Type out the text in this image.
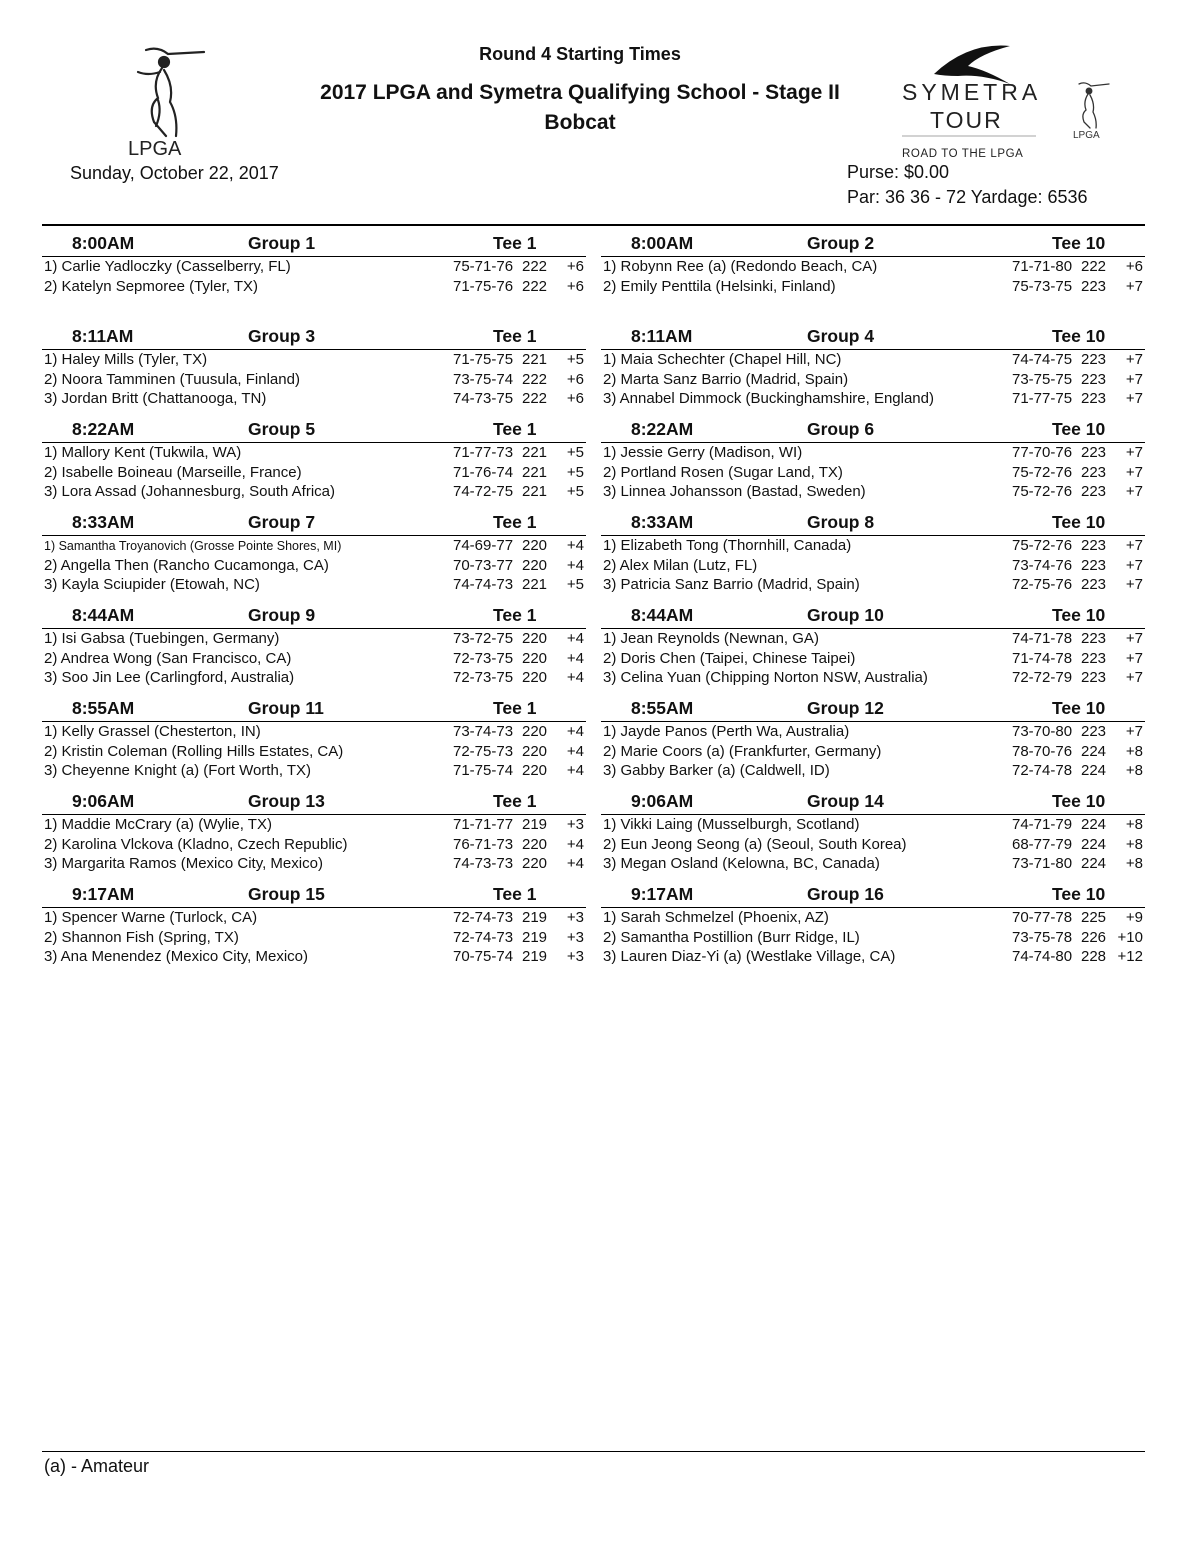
LPGA
SYMETRA
TOUR
ROAD TO THE LPGA
LPGA
Round 4 Starting Times
2017 LPGA and Symetra Qualifying School - Stage II
Bobcat
Sunday, October 22, 2017	Purse: $0.00
Par: 36 36 - 72 Yardage: 6536
8:00AM	Group 1	Tee 1
1) Carlie Yadloczky (Casselberry, FL)	75-71-76 222 +6
2) Katelyn Sepmoree (Tyler, TX)	71-75-76 222 +6
8:00AM	Group 2	Tee 10
1) Robynn Ree (a) (Redondo Beach, CA)	71-71-80 222 +6
2) Emily Penttila (Helsinki, Finland)	75-73-75 223 +7
8:11AM	Group 3	Tee 1
1) Haley Mills (Tyler, TX)	71-75-75 221 +5
2) Noora Tamminen (Tuusula, Finland)	73-75-74 222 +6
3) Jordan Britt (Chattanooga, TN)	74-73-75 222 +6
8:11AM	Group 4	Tee 10
1) Maia Schechter (Chapel Hill, NC)	74-74-75 223 +7
2) Marta Sanz Barrio (Madrid, Spain)	73-75-75 223 +7
3) Annabel Dimmock (Buckinghamshire, England)	71-77-75 223 +7
8:22AM	Group 5	Tee 1
1) Mallory Kent (Tukwila, WA)	71-77-73 221 +5
2) Isabelle Boineau (Marseille, France)	71-76-74 221 +5
3) Lora Assad (Johannesburg, South Africa)	74-72-75 221 +5
8:22AM	Group 6	Tee 10
1) Jessie Gerry (Madison, WI)	77-70-76 223 +7
2) Portland Rosen (Sugar Land, TX)	75-72-76 223 +7
3) Linnea Johansson (Bastad, Sweden)	75-72-76 223 +7
8:33AM	Group 7	Tee 1
1) Samantha Troyanovich (Grosse Pointe Shores, MI)	74-69-77 220 +4
2) Angella Then (Rancho Cucamonga, CA)	70-73-77 220 +4
3) Kayla Sciupider (Etowah, NC)	74-74-73 221 +5
8:33AM	Group 8	Tee 10
1) Elizabeth Tong (Thornhill, Canada)	75-72-76 223 +7
2) Alex Milan (Lutz, FL)	73-74-76 223 +7
3) Patricia Sanz Barrio (Madrid, Spain)	72-75-76 223 +7
8:44AM	Group 9	Tee 1
1) Isi Gabsa (Tuebingen, Germany)	73-72-75 220 +4
2) Andrea Wong (San Francisco, CA)	72-73-75 220 +4
3) Soo Jin Lee (Carlingford, Australia)	72-73-75 220 +4
8:44AM	Group 10	Tee 10
1) Jean Reynolds (Newnan, GA)	74-71-78 223 +7
2) Doris Chen (Taipei, Chinese Taipei)	71-74-78 223 +7
3) Celina Yuan (Chipping Norton NSW, Australia)	72-72-79 223 +7
8:55AM	Group 11	Tee 1
1) Kelly Grassel (Chesterton, IN)	73-74-73 220 +4
2) Kristin Coleman (Rolling Hills Estates, CA)	72-75-73 220 +4
3) Cheyenne Knight (a) (Fort Worth, TX)	71-75-74 220 +4
8:55AM	Group 12	Tee 10
1) Jayde Panos (Perth Wa, Australia)	73-70-80 223 +7
2) Marie Coors (a) (Frankfurter, Germany)	78-70-76 224 +8
3) Gabby Barker (a) (Caldwell, ID)	72-74-78 224 +8
9:06AM	Group 13	Tee 1
1) Maddie McCrary (a) (Wylie, TX)	71-71-77 219 +3
2) Karolina Vlckova (Kladno, Czech Republic)	76-71-73 220 +4
3) Margarita Ramos (Mexico City, Mexico)	74-73-73 220 +4
9:06AM	Group 14	Tee 10
1) Vikki Laing (Musselburgh, Scotland)	74-71-79 224 +8
2) Eun Jeong Seong (a) (Seoul, South Korea)	68-77-79 224 +8
3) Megan Osland (Kelowna, BC, Canada)	73-71-80 224 +8
9:17AM	Group 15	Tee 1
1) Spencer Warne (Turlock, CA)	72-74-73 219 +3
2) Shannon Fish (Spring, TX)	72-74-73 219 +3
3) Ana Menendez (Mexico City, Mexico)	70-75-74 219 +3
9:17AM	Group 16	Tee 10
1) Sarah Schmelzel (Phoenix, AZ)	70-77-78 225 +9
2) Samantha Postillion (Burr Ridge, IL)	73-75-78 226 +10
3) Lauren Diaz-Yi (a) (Westlake Village, CA)	74-74-80 228 +12
(a) - Amateur
